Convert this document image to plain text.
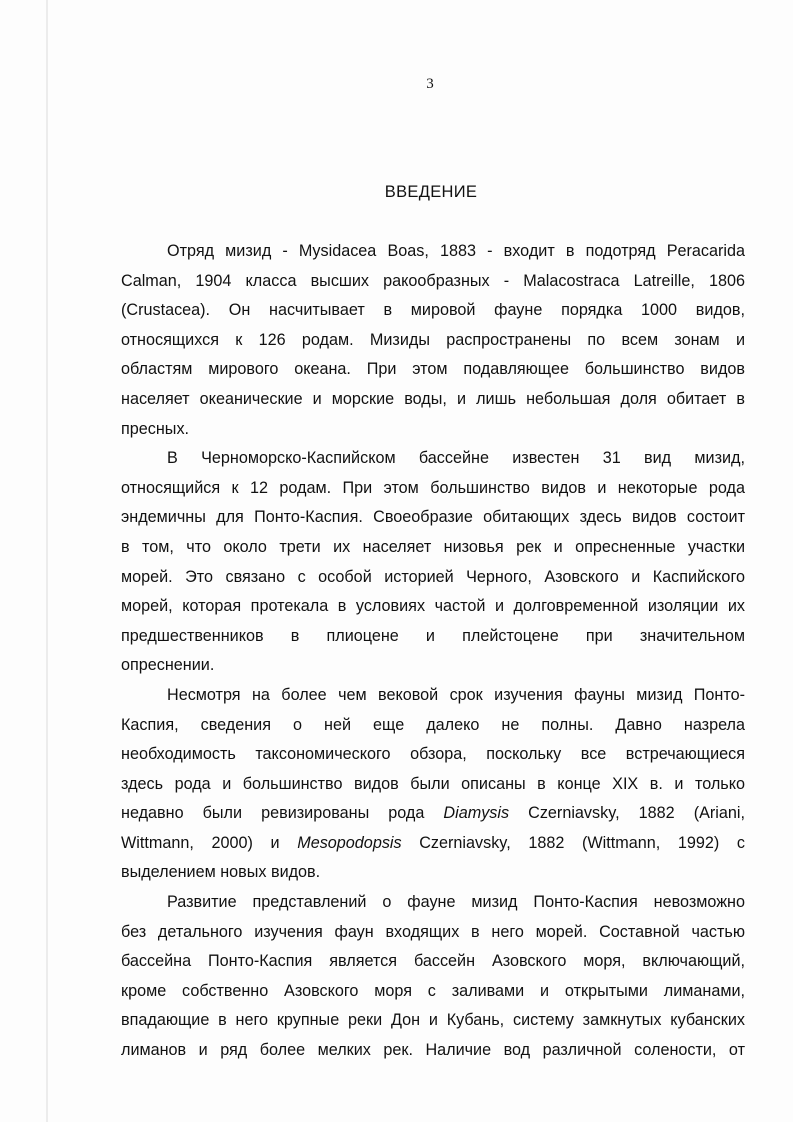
3
ВВЕДЕНИЕ
Отряд мизид - Mysidacea Boas, 1883 - входит в подотряд Peracarida
Calman, 1904 класса высших ракообразных - Malacostraca Latreille, 1806
(Crustacea). Он насчитывает в мировой фауне порядка 1000 видов,
относящихся к 126 родам. Мизиды распространены по всем зонам и
областям мирового океана. При этом подавляющее большинство видов
населяет океанические и морские воды, и лишь небольшая доля обитает в
пресных.
В Черноморско-Каспийском бассейне известен 31 вид мизид,
относящийся к 12 родам. При этом большинство видов и некоторые рода
эндемичны для Понто-Каспия. Своеобразие обитающих здесь видов состоит
в том, что около трети их населяет низовья рек и опресненные участки
морей. Это связано с особой историей Черного, Азовского и Каспийского
морей, которая протекала в условиях частой и долговременной изоляции их
предшественников в плиоцене и плейстоцене при значительном
опреснении.
Несмотря на более чем вековой срок изучения фауны мизид Понто-
Каспия, сведения о ней еще далеко не полны. Давно назрела
необходимость таксономического обзора, поскольку все встречающиеся
здесь рода и большинство видов были описаны в конце XIX в. и только
недавно были ревизированы рода Diamysis Czerniavsky, 1882 (Ariani,
Wittmann, 2000) и Mesopodopsis Czerniavsky, 1882 (Wittmann, 1992) с
выделением новых видов.
Развитие представлений о фауне мизид Понто-Каспия невозможно
без детального изучения фаун входящих в него морей. Составной частью
бассейна Понто-Каспия является бассейн Азовского моря, включающий,
кроме собственно Азовского моря с заливами и открытыми лиманами,
впадающие в него крупные реки Дон и Кубань, систему замкнутых кубанских
лиманов и ряд более мелких рек. Наличие вод различной солености, от
